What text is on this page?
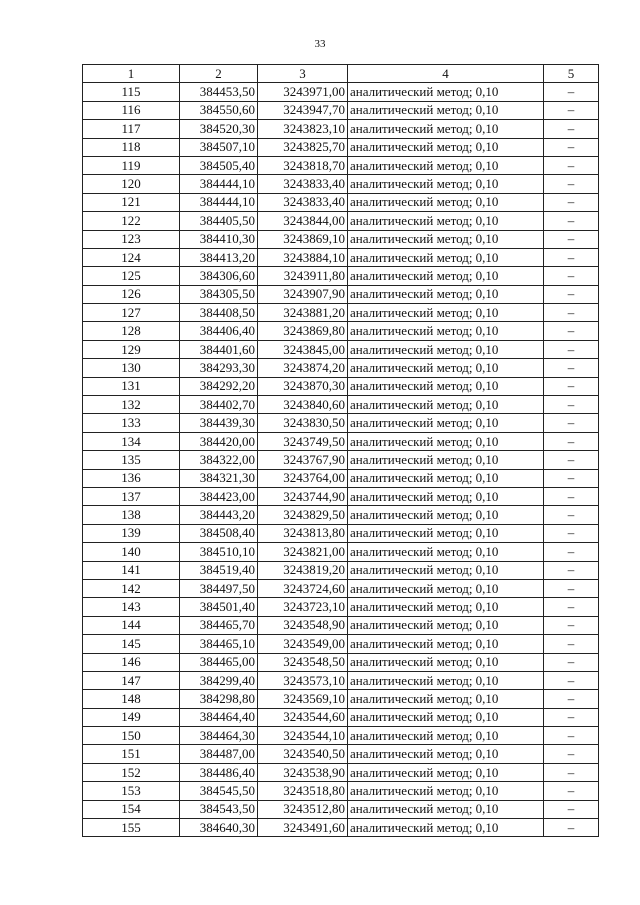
33
1	2	3	4	5
115	384453,50	3243971,00	аналитический метод; 0,10	–
116	384550,60	3243947,70	аналитический метод; 0,10	–
117	384520,30	3243823,10	аналитический метод; 0,10	–
118	384507,10	3243825,70	аналитический метод; 0,10	–
119	384505,40	3243818,70	аналитический метод; 0,10	–
120	384444,10	3243833,40	аналитический метод; 0,10	–
121	384444,10	3243833,40	аналитический метод; 0,10	–
122	384405,50	3243844,00	аналитический метод; 0,10	–
123	384410,30	3243869,10	аналитический метод; 0,10	–
124	384413,20	3243884,10	аналитический метод; 0,10	–
125	384306,60	3243911,80	аналитический метод; 0,10	–
126	384305,50	3243907,90	аналитический метод; 0,10	–
127	384408,50	3243881,20	аналитический метод; 0,10	–
128	384406,40	3243869,80	аналитический метод; 0,10	–
129	384401,60	3243845,00	аналитический метод; 0,10	–
130	384293,30	3243874,20	аналитический метод; 0,10	–
131	384292,20	3243870,30	аналитический метод; 0,10	–
132	384402,70	3243840,60	аналитический метод; 0,10	–
133	384439,30	3243830,50	аналитический метод; 0,10	–
134	384420,00	3243749,50	аналитический метод; 0,10	–
135	384322,00	3243767,90	аналитический метод; 0,10	–
136	384321,30	3243764,00	аналитический метод; 0,10	–
137	384423,00	3243744,90	аналитический метод; 0,10	–
138	384443,20	3243829,50	аналитический метод; 0,10	–
139	384508,40	3243813,80	аналитический метод; 0,10	–
140	384510,10	3243821,00	аналитический метод; 0,10	–
141	384519,40	3243819,20	аналитический метод; 0,10	–
142	384497,50	3243724,60	аналитический метод; 0,10	–
143	384501,40	3243723,10	аналитический метод; 0,10	–
144	384465,70	3243548,90	аналитический метод; 0,10	–
145	384465,10	3243549,00	аналитический метод; 0,10	–
146	384465,00	3243548,50	аналитический метод; 0,10	–
147	384299,40	3243573,10	аналитический метод; 0,10	–
148	384298,80	3243569,10	аналитический метод; 0,10	–
149	384464,40	3243544,60	аналитический метод; 0,10	–
150	384464,30	3243544,10	аналитический метод; 0,10	–
151	384487,00	3243540,50	аналитический метод; 0,10	–
152	384486,40	3243538,90	аналитический метод; 0,10	–
153	384545,50	3243518,80	аналитический метод; 0,10	–
154	384543,50	3243512,80	аналитический метод; 0,10	–
155	384640,30	3243491,60	аналитический метод; 0,10	–
